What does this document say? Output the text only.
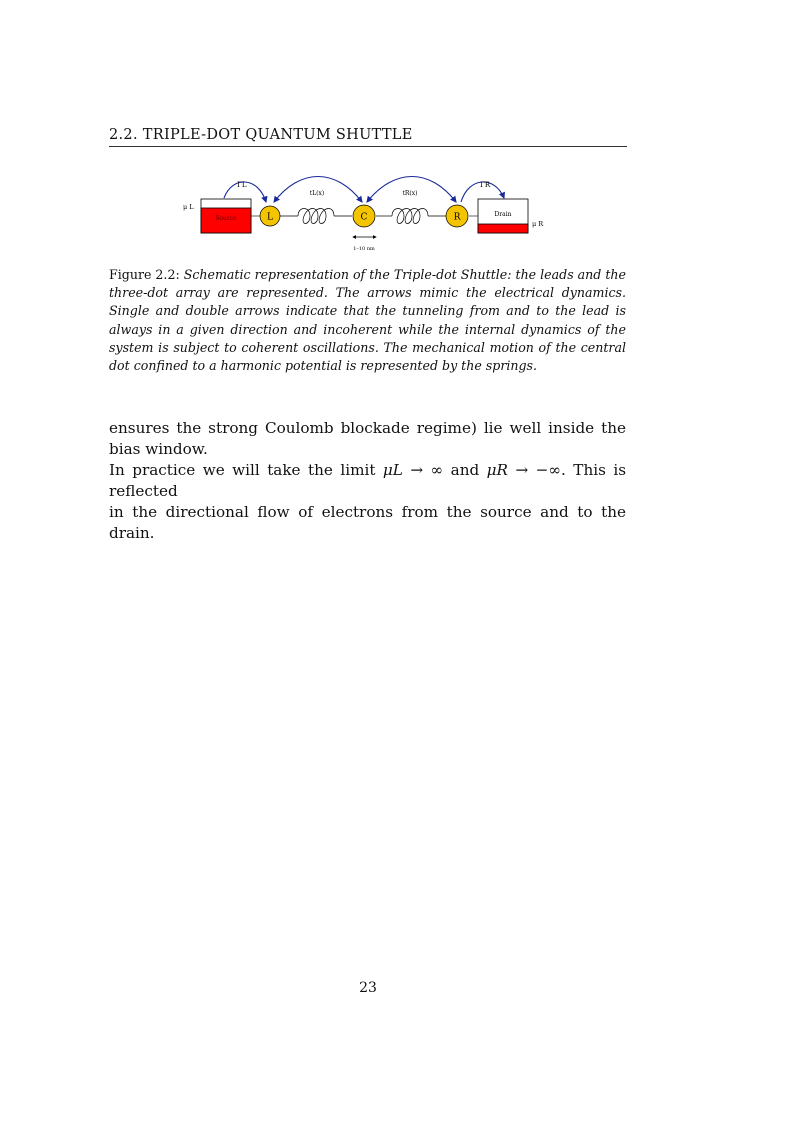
2.2. TRIPLE-DOT QUANTUM SHUTTLE
Source
μ L
Drain
μ R
L	C	R
ΓL	ΓR
tL(x)	tR(x)
1–10 nm
Figure 2.2: Schematic representation of the Triple-dot Shuttle: the leads and the three-dot array are represented. The arrows mimic the electrical dynamics. Single and double arrows indicate that the tunneling from and to the lead is always in a given direction and incoherent while the internal dynamics of the system is subject to coherent oscillations. The mechanical motion of the central dot confined to a harmonic potential is represented by the springs.

ensures the strong Coulomb blockade regime) lie well inside the bias window.

In practice we will take the limit μL → ∞ and μR → −∞. This is reflected

in the directional flow of electrons from the source and to the drain.

23
